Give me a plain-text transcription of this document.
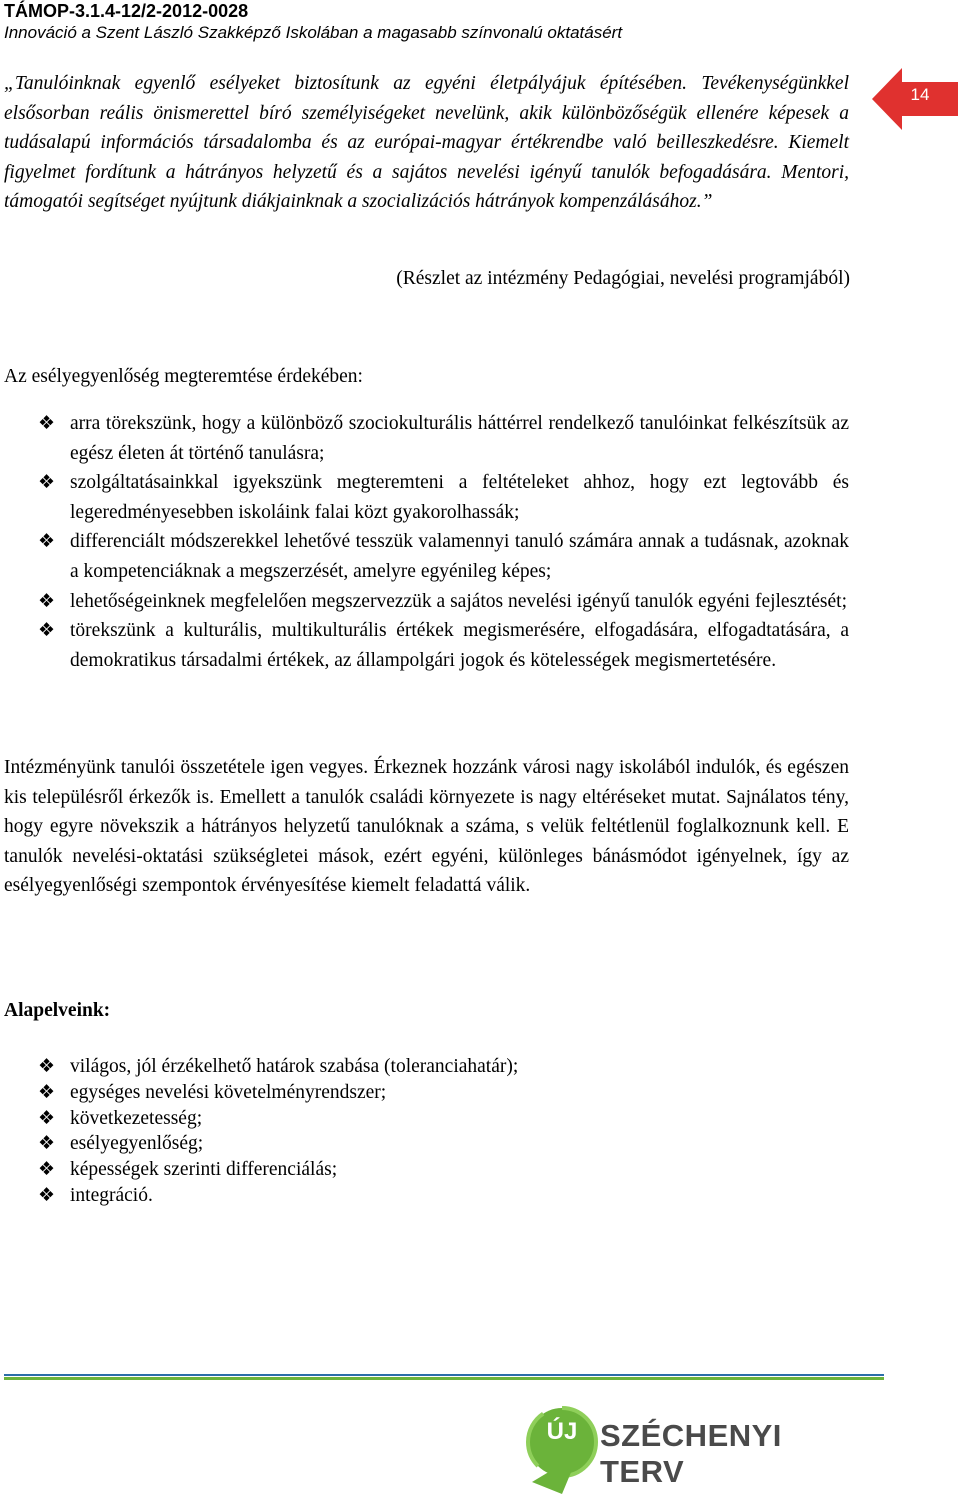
TÁMOP-3.1.4-12/2-2012-0028
Innováció a Szent László Szakképző Iskolában a magasabb színvonalú oktatásért
14
„Tanulóinknak egyenlő esélyeket biztosítunk az egyéni életpályájuk építésében. Tevékenységünkkel elsősorban reális önismerettel bíró személyiségeket nevelünk, akik különbözőségük ellenére képesek a tudásalapú információs társadalomba és az európai-magyar értékrendbe való beilleszkedésre. Kiemelt figyelmet fordítunk a hátrányos helyzetű és a sajátos nevelési igényű tanulók befogadására. Mentori, támogatói segítséget nyújtunk diákjainknak a szocializációs hátrányok kompenzálásához.”
(Részlet az intézmény Pedagógiai, nevelési programjából)
Az esélyegyenlőség megteremtése érdekében:
❖ arra törekszünk, hogy a különböző szociokulturális háttérrel rendelkező tanulóinkat felkészítsük az egész életen át történő tanulásra;
❖ szolgáltatásainkkal igyekszünk megteremteni a feltételeket ahhoz, hogy ezt legtovább és legeredményesebben iskoláink falai közt gyakorolhassák;
❖ differenciált módszerekkel lehetővé tesszük valamennyi tanuló számára annak a tudásnak, azoknak a kompetenciáknak a megszerzését, amelyre egyénileg képes;
❖ lehetőségeinknek megfelelően megszervezzük a sajátos nevelési igényű tanulók egyéni fejlesztését;
❖ törekszünk a kulturális, multikulturális értékek megismerésére, elfogadására, elfogadtatására, a demokratikus társadalmi értékek, az állampolgári jogok és kötelességek megismertetésére.
Intézményünk tanulói összetétele igen vegyes. Érkeznek hozzánk városi nagy iskolából indulók, és egészen kis településről érkezők is. Emellett a tanulók családi környezete is nagy eltéréseket mutat. Sajnálatos tény, hogy egyre növekszik a hátrányos helyzetű tanulóknak a száma, s velük feltétlenül foglalkoznunk kell. E tanulók nevelési-oktatási szükségletei mások, ezért egyéni, különleges bánásmódot igényelnek, így az esélyegyenlőségi szempontok érvényesítése kiemelt feladattá válik.
Alapelveink:
❖ világos, jól érzékelhető határok szabása (toleranciahatár);
❖ egységes nevelési követelményrendszer;
❖ következetesség;
❖ esélyegyenlőség;
❖ képességek szerinti differenciálás;
❖ integráció.
ÚJ SZÉCHENYI TERV
